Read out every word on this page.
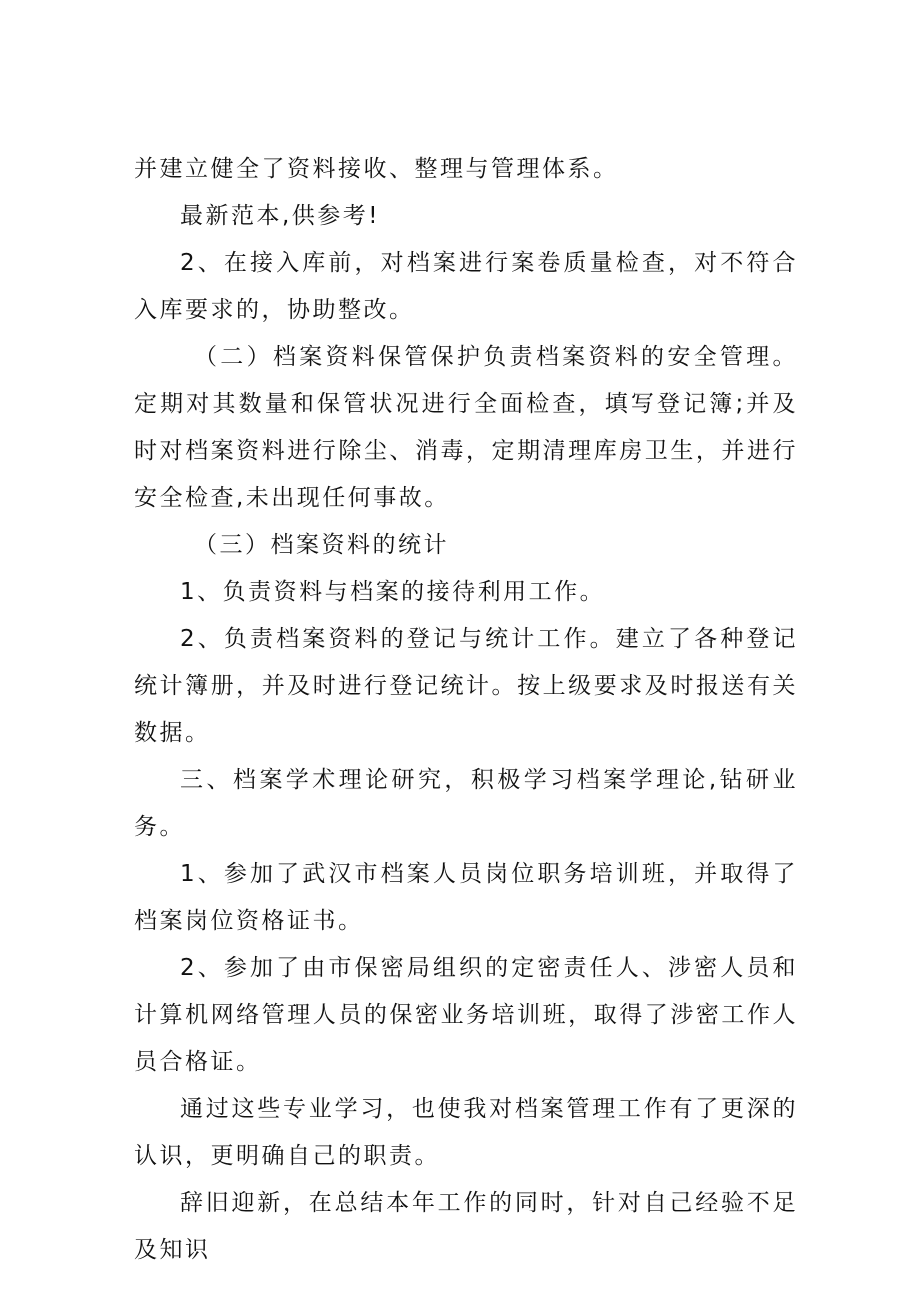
并建立健全了资料接收、整理与管理体系。

最新范本,供参考!

2、在接入库前，对档案进行案卷质量检查，对不符合入库要求的，协助整改。

（二）档案资料保管保护负责档案资料的安全管理。定期对其数量和保管状况进行全面检查，填写登记簿;并及时对档案资料进行除尘、消毒，定期清理库房卫生，并进行安全检查,未出现任何事故。

（三）档案资料的统计

1、负责资料与档案的接待利用工作。

2、负责档案资料的登记与统计工作。建立了各种登记统计簿册，并及时进行登记统计。按上级要求及时报送有关数据。

三、档案学术理论研究，积极学习档案学理论,钻研业务。

1、参加了武汉市档案人员岗位职务培训班，并取得了档案岗位资格证书。

2、参加了由市保密局组织的定密责任人、涉密人员和计算机网络管理人员的保密业务培训班，取得了涉密工作人员合格证。

通过这些专业学习，也使我对档案管理工作有了更深的认识，更明确自己的职责。

辞旧迎新，在总结本年工作的同时，针对自己经验不足及知识
